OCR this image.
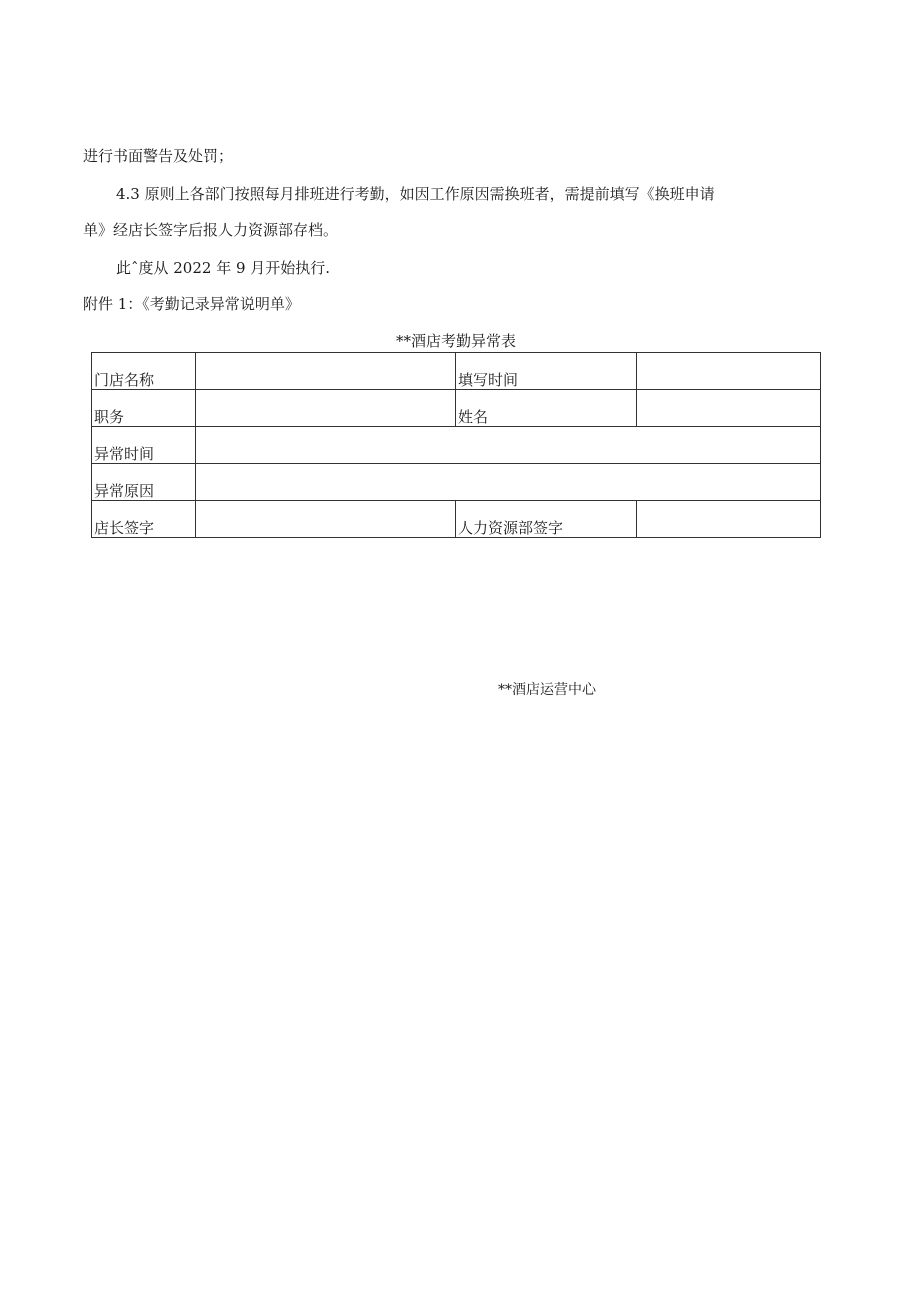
进行书面警告及处罚；
4.3 原则上各部门按照每月排班进行考勤，如因工作原因需换班者，需提前填写《换班申请
单》经店长签字后报人力资源部存档。
此ˆ度从 2022 年 9 月开始执行.
附件 1：《考勤记录异常说明单》
**酒店考勤异常表
门店名称		填写时间	
职务		姓名	
异常时间			
异常原因			
店长签字		人力资源部签字	
**酒店运营中心
